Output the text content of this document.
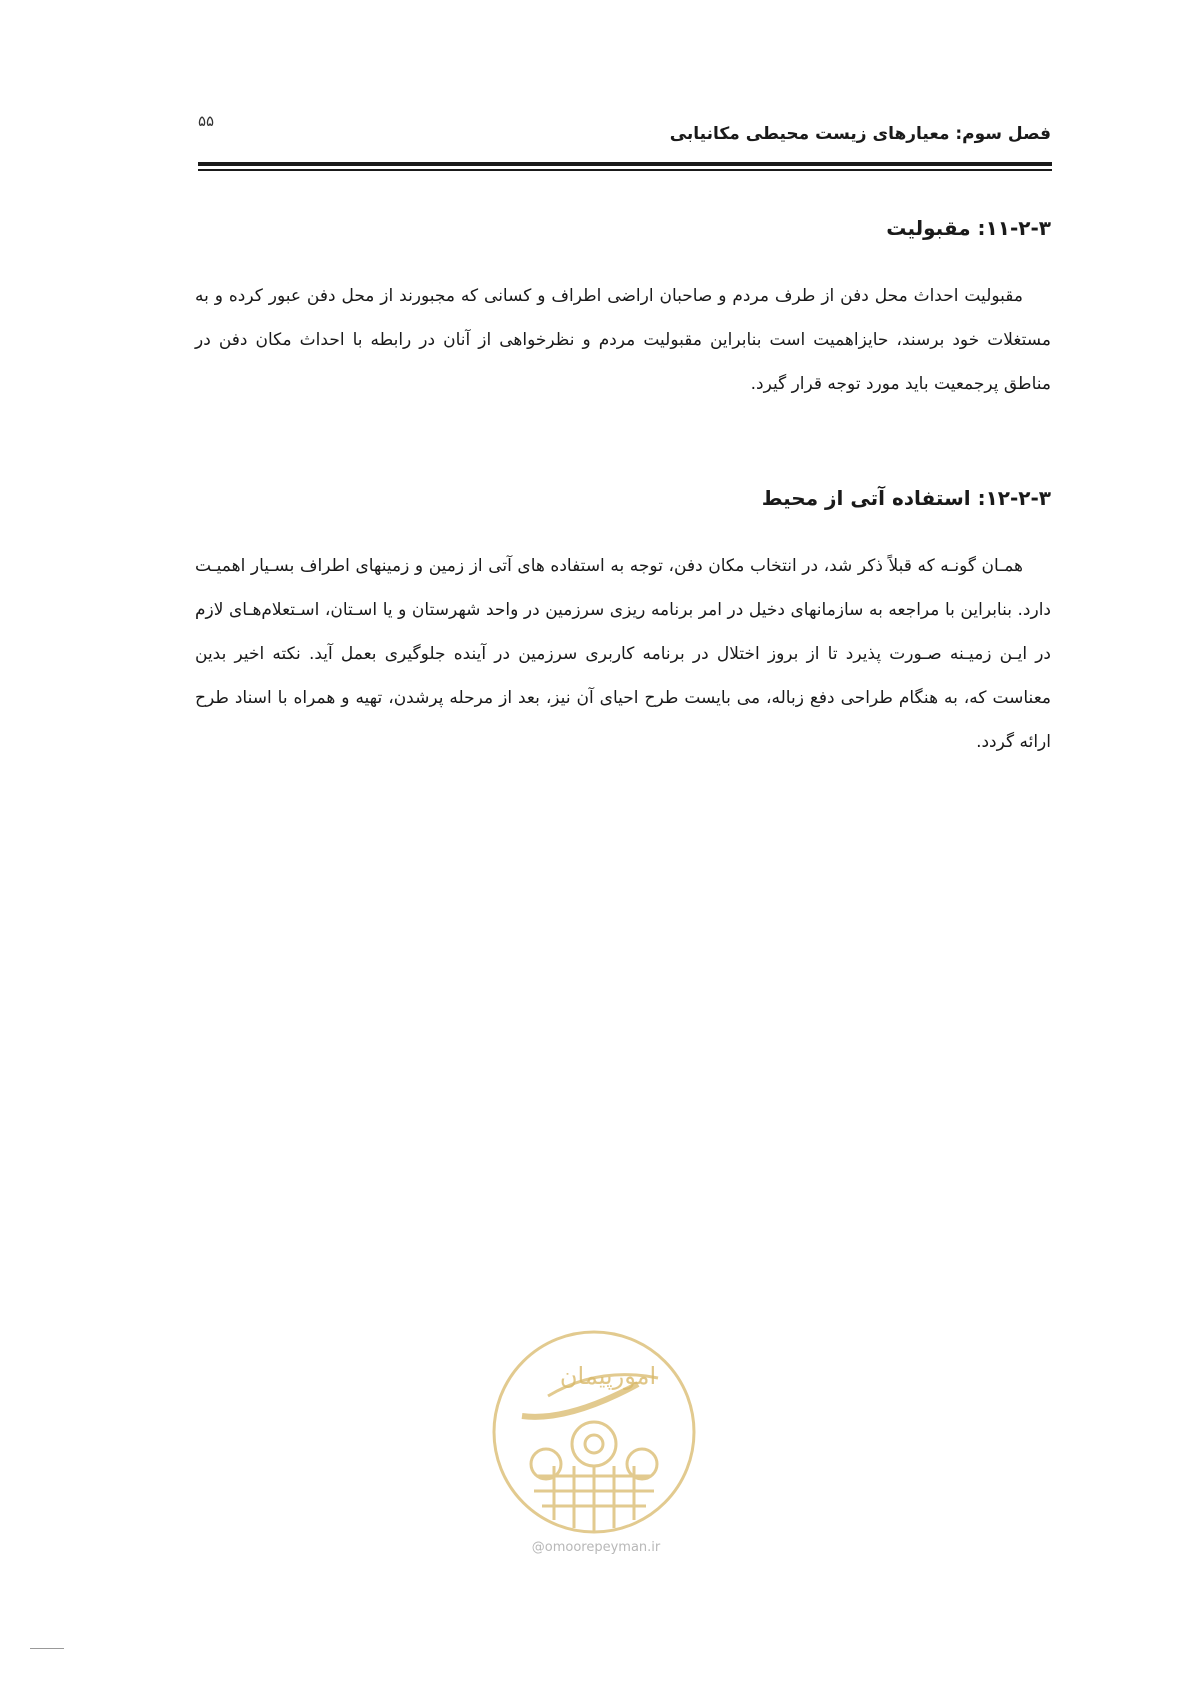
۵۵
فصل سوم: معیارهای زیست محیطی مکانیابی
۱۱-۲-۳: مقبولیت

مقبولیت احداث محل دفن از طرف مردم و صاحبان اراضی اطراف و کسانی که مجبورند از محل دفن عبور کرده و به مستغلات خود برسند، حایزاهمیت است بنابراین مقبولیت مردم و نظرخواهی از آنان در رابطه با احداث مکان دفن در مناطق پرجمعیت باید مورد توجه قرار گیرد.

۱۲-۲-۳: استفاده آتی از محیط

همـان گونـه که قبلاً ذکر شد، در انتخاب مکان دفن، توجه به استفاده های آتی از زمین و زمینهای اطراف بسـیار اهمیـت دارد. بنابراین با مراجعه به سازمانهای دخیل در امر برنامه ریزی سرزمین در واحد شهرستان و یا اسـتان، اسـتعلام‌هـای لازم در ایـن زمیـنه صـورت پذیرد تا از بروز اختلال در برنامه کاربری سرزمین در آینده جلوگیری بعمل آید. نکته اخیر بدین معناست که، به هنگام طراحی دفع زباله، می بایست طرح احیای آن نیز، بعد از مرحله پرشدن، تهیه و همراه با اسناد طرح ارائه گردد.

امورپیمان
@omoorepeyman.ir
